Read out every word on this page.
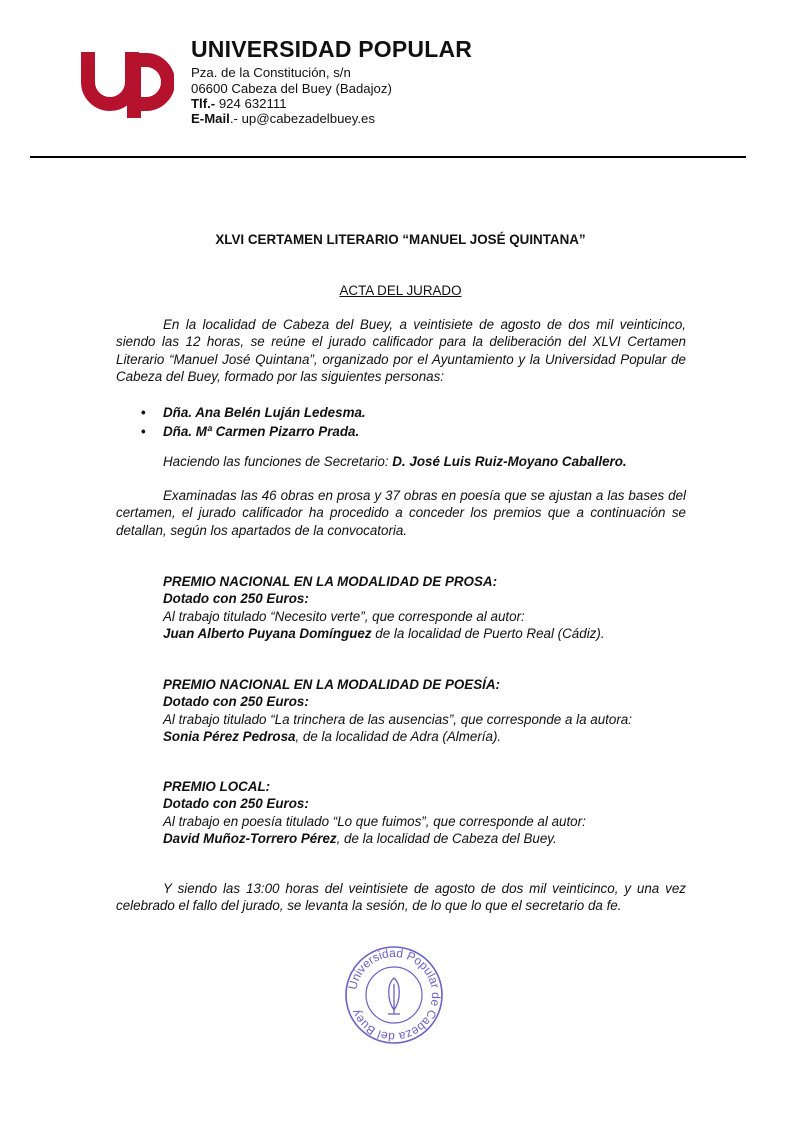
UNIVERSIDAD POPULAR
Pza. de la Constitución, s/n
06600 Cabeza del Buey (Badajoz)
Tlf.- 924 632111
E-Mail.- up@cabezadelbuey.es
XLVI CERTAMEN LITERARIO “MANUEL JOSÉ QUINTANA”
ACTA DEL JURADO
En la localidad de Cabeza del Buey, a veintisiete de agosto de dos mil veinticinco, siendo las 12 horas, se reúne el jurado calificador para la deliberación del XLVI Certamen Literario “Manuel José Quintana”, organizado por el Ayuntamiento y la Universidad Popular de Cabeza del Buey, formado por las siguientes personas:
• Dña. Ana Belén Luján Ledesma.
• Dña. Mª Carmen Pizarro Prada.
Haciendo las funciones de Secretario: D. José Luis Ruiz-Moyano Caballero.
Examinadas las 46 obras en prosa y 37 obras en poesía que se ajustan a las bases del certamen, el jurado calificador ha procedido a conceder los premios que a continuación se detallan, según los apartados de la convocatoria.
PREMIO NACIONAL EN LA MODALIDAD DE PROSA:
Dotado con 250 Euros:
Al trabajo titulado “Necesito verte”, que corresponde al autor:
Juan Alberto Puyana Domínguez de la localidad de Puerto Real (Cádiz).
PREMIO NACIONAL EN LA MODALIDAD DE POESÍA:
Dotado con 250 Euros:
Al trabajo titulado “La trinchera de las ausencias”, que corresponde a la autora:
Sonia Pérez Pedrosa, de la localidad de Adra (Almería).
PREMIO LOCAL:
Dotado con 250 Euros:
Al trabajo en poesía titulado “Lo que fuimos”, que corresponde al autor:
David Muñoz-Torrero Pérez, de la localidad de Cabeza del Buey.
Y siendo las 13:00 horas del veintisiete de agosto de dos mil veinticinco, y una vez celebrado el fallo del jurado, se levanta la sesión, de lo que lo que el secretario da fe.
Universidad Popular de Cabeza del Buey
